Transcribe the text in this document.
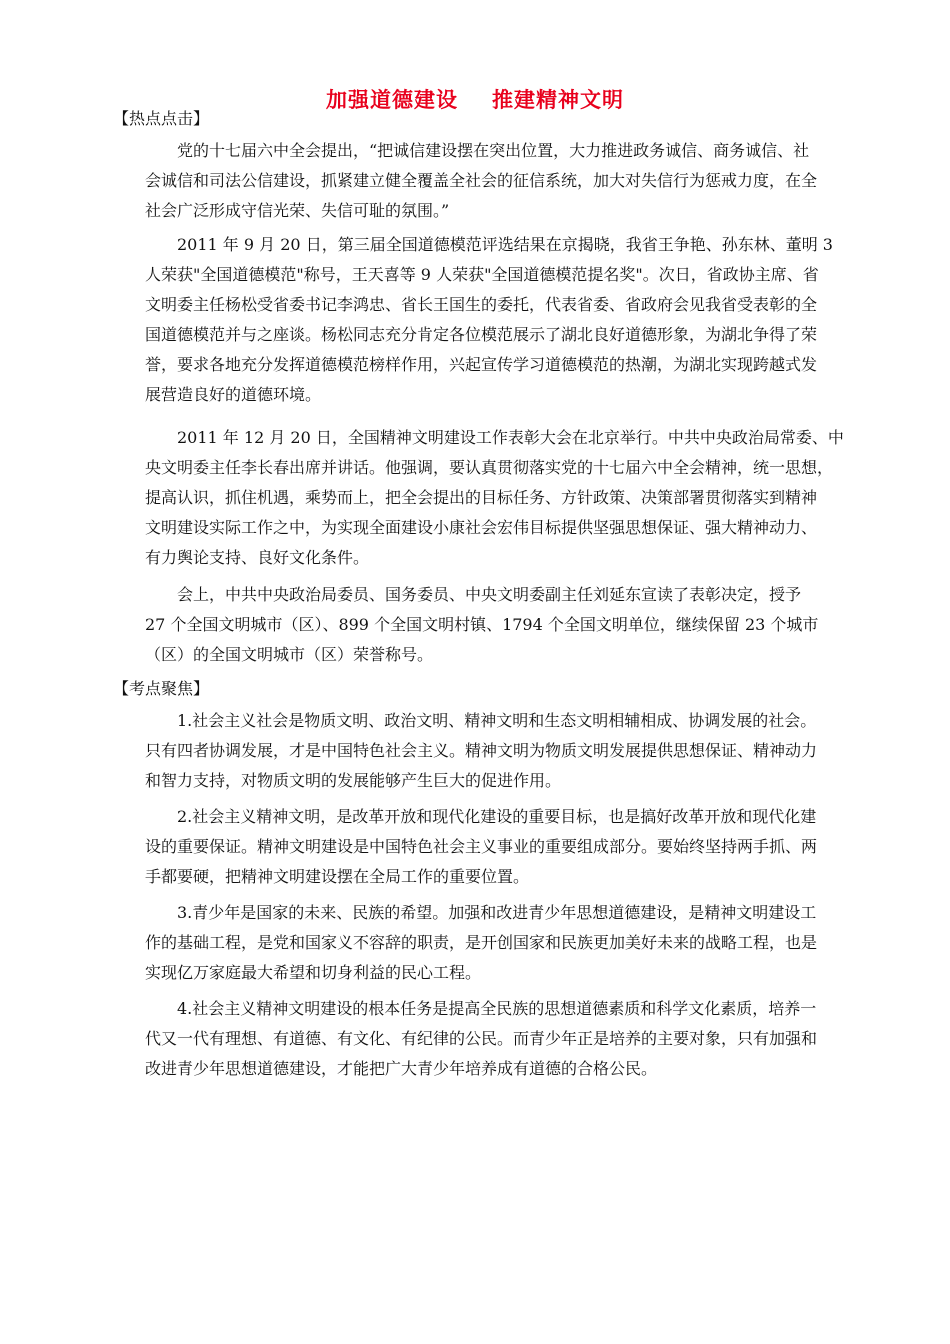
加强道德建设 推建精神文明
【热点点击】
党的十七届六中全会提出，“把诚信建设摆在突出位置，大力推进政务诚信、商务诚信、社
会诚信和司法公信建设，抓紧建立健全覆盖全社会的征信系统，加大对失信行为惩戒力度，在全
社会广泛形成守信光荣、失信可耻的氛围。”
2011 年 9 月 20 日，第三届全国道德模范评选结果在京揭晓，我省王争艳、孙东林、董明 3
人荣获"全国道德模范"称号，王天喜等 9 人荣获"全国道德模范提名奖"。次日，省政协主席、省
文明委主任杨松受省委书记李鸿忠、省长王国生的委托，代表省委、省政府会见我省受表彰的全
国道德模范并与之座谈。杨松同志充分肯定各位模范展示了湖北良好道德形象，为湖北争得了荣
誉，要求各地充分发挥道德模范榜样作用，兴起宣传学习道德模范的热潮，为湖北实现跨越式发
展营造良好的道德环境。
2011 年 12 月 20 日，全国精神文明建设工作表彰大会在北京举行。中共中央政治局常委、中
央文明委主任李长春出席并讲话。他强调，要认真贯彻落实党的十七届六中全会精神，统一思想，
提高认识，抓住机遇，乘势而上，把全会提出的目标任务、方针政策、决策部署贯彻落实到精神
文明建设实际工作之中，为实现全面建设小康社会宏伟目标提供坚强思想保证、强大精神动力、
有力舆论支持、良好文化条件。
会上，中共中央政治局委员、国务委员、中央文明委副主任刘延东宣读了表彰决定，授予
27 个全国文明城市（区）、899 个全国文明村镇、1794 个全国文明单位，继续保留 23 个城市
（区）的全国文明城市（区）荣誉称号。
【考点聚焦】
1.社会主义社会是物质文明、政治文明、精神文明和生态文明相辅相成、协调发展的社会。
只有四者协调发展，才是中国特色社会主义。精神文明为物质文明发展提供思想保证、精神动力
和智力支持，对物质文明的发展能够产生巨大的促进作用。
2.社会主义精神文明，是改革开放和现代化建设的重要目标，也是搞好改革开放和现代化建
设的重要保证。精神文明建设是中国特色社会主义事业的重要组成部分。要始终坚持两手抓、两
手都要硬，把精神文明建设摆在全局工作的重要位置。
3.青少年是国家的未来、民族的希望。加强和改进青少年思想道德建设，是精神文明建设工
作的基础工程，是党和国家义不容辞的职责，是开创国家和民族更加美好未来的战略工程，也是
实现亿万家庭最大希望和切身利益的民心工程。
4.社会主义精神文明建设的根本任务是提高全民族的思想道德素质和科学文化素质，培养一
代又一代有理想、有道德、有文化、有纪律的公民。而青少年正是培养的主要对象，只有加强和
改进青少年思想道德建设，才能把广大青少年培养成有道德的合格公民。
